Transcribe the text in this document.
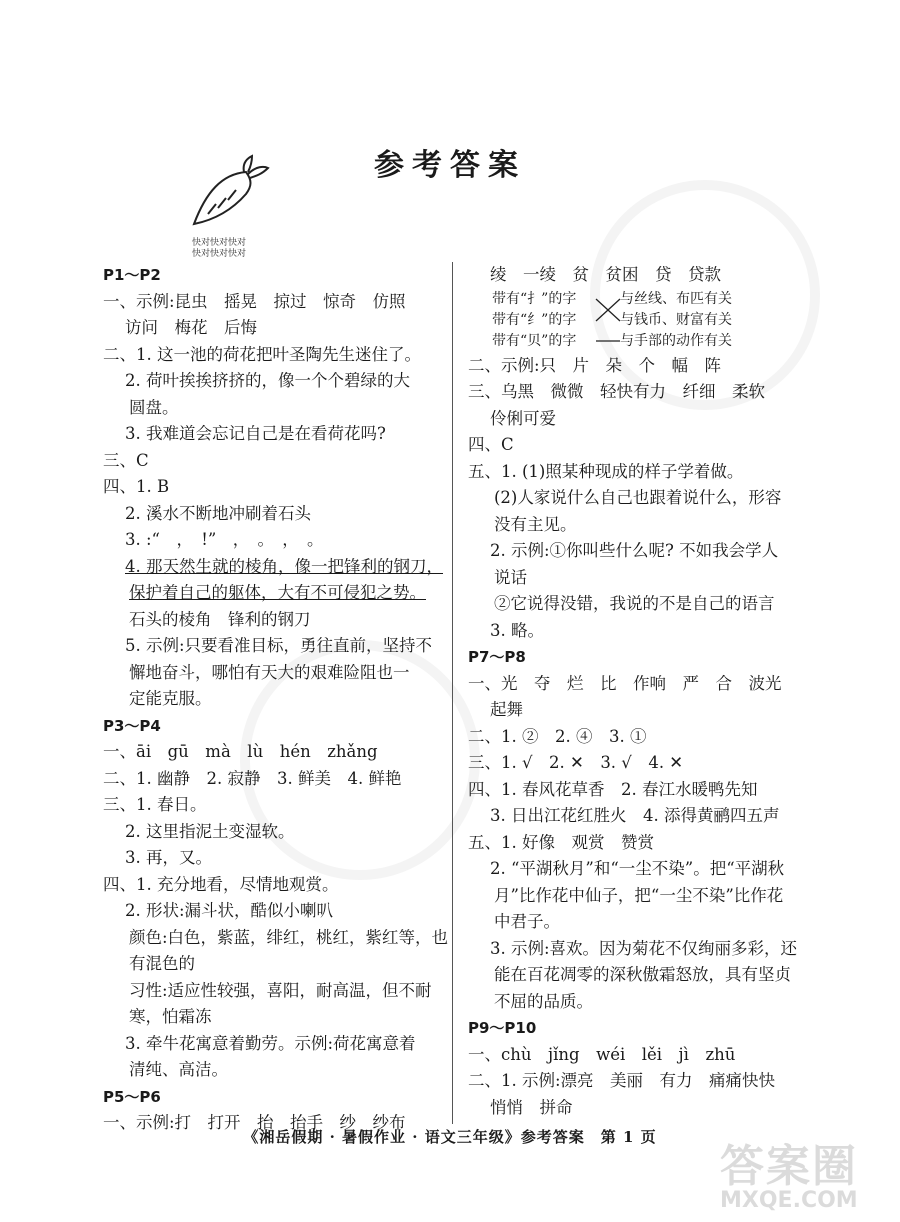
参考答案
快对快对快对
快对快对快对
P1～P2
一、示例:昆虫　摇晃　掠过　惊奇　仿照
访问　梅花　后悔
二、1. 这一池的荷花把叶圣陶先生迷住了。
2. 荷叶挨挨挤挤的，像一个个碧绿的大
圆盘。
3. 我难道会忘记自己是在看荷花吗?
三、C
四、1. B
2. 溪水不断地冲刷着石头
3. :“　，　!”　，　。　，　。
4. 那天然生就的棱角，像一把锋利的钢刀，
保护着自己的躯体，大有不可侵犯之势。
石头的棱角　锋利的钢刀
5. 示例:只要看准目标，勇往直前，坚持不
懈地奋斗，哪怕有天大的艰难险阻也一
定能克服。
P3～P4
一、āi　gū　mà　lù　hén　zhǎng
二、1. 幽静　2. 寂静　3. 鲜美　4. 鲜艳
三、1. 春日。
2. 这里指泥土变湿软。
3. 再，又。
四、1. 充分地看，尽情地观赏。
2. 形状:漏斗状，酷似小喇叭
颜色:白色，紫蓝，绯红，桃红，紫红等，也
有混色的
习性:适应性较强，喜阳，耐高温，但不耐
寒，怕霜冻
3. 牵牛花寓意着勤劳。示例:荷花寓意着
清纯、高洁。
P5～P6
一、示例:打　打开　抬　抬手　纱　纱布
绫　一绫　贫　贫困　贷　贷款
带有“扌”的字
带有“纟”的字
带有“贝”的字
与丝线、布匹有关
与钱币、财富有关
与手部的动作有关
二、示例:只　片　朵　个　幅　阵
三、乌黑　微微　轻快有力　纤细　柔软
伶俐可爱
四、C
五、1. (1)照某种现成的样子学着做。
(2)人家说什么自己也跟着说什么，形容
没有主见。
2. 示例:①你叫些什么呢? 不如我会学人
说话
②它说得没错，我说的不是自己的语言
3. 略。
P7～P8
一、光　夺　烂　比　作响　严　合　波光
起舞
二、1. ②　2. ④　3. ①
三、1. √　2. ✕　3. √　4. ✕
四、1. 春风花草香　2. 春江水暖鸭先知
3. 日出江花红胜火　4. 添得黄鹂四五声
五、1. 好像　观赏　赞赏
2. “平湖秋月”和“一尘不染”。把“平湖秋
月”比作花中仙子，把“一尘不染”比作花
中君子。
3. 示例:喜欢。因为菊花不仅绚丽多彩，还
能在百花凋零的深秋傲霜怒放，具有坚贞
不屈的品质。
P9～P10
一、chù　jǐng　wéi　lěi　jì　zhū
二、1. 示例:漂亮　美丽　有力　痛痛快快
悄悄　拼命
《湘岳假期 · 暑假作业 · 语文三年级》参考答案　第 1 页
答案圈
MXQE.COM
